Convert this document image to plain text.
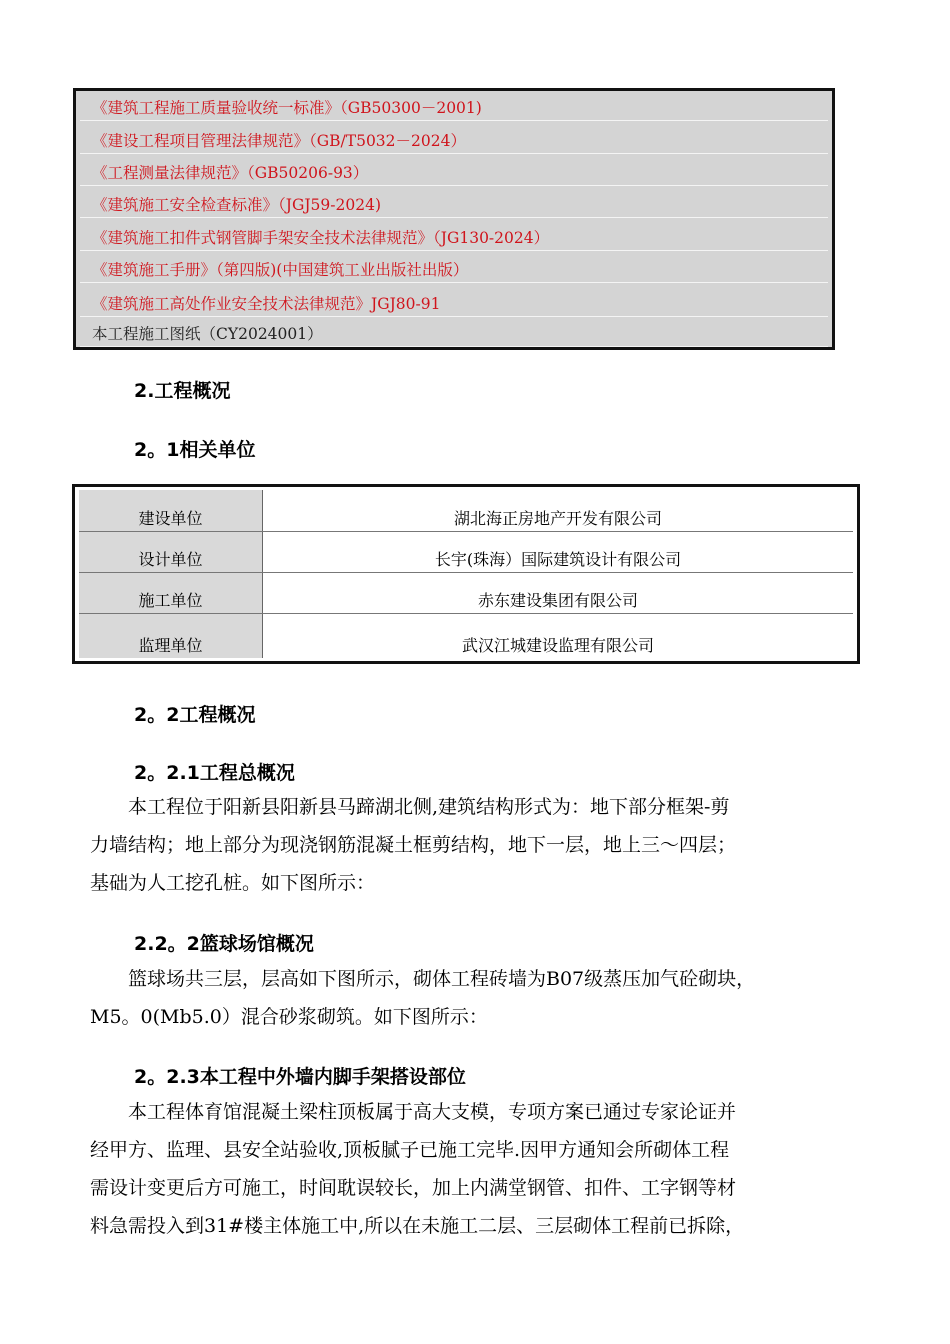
《建筑工程施工质量验收统一标准》（GB50300－2001)
《建设工程项目管理法律规范》（GB/T5032－2024）
《工程测量法律规范》（GB50206-93）
《建筑施工安全检查标准》（JGJ59-2024)
《建筑施工扣件式钢管脚手架安全技术法律规范》（JG130-2024）
《建筑施工手册》（第四版)(中国建筑工业出版社出版）
《建筑施工高处作业安全技术法律规范》JGJ80-91
本工程施工图纸（CY2024001）
2.工程概况
2。1相关单位
建设单位	湖北海正房地产开发有限公司
设计单位	长宇(珠海）国际建筑设计有限公司
施工单位	赤东建设集团有限公司
监理单位	武汉江城建设监理有限公司
2。2工程概况
2。2.1工程总概况
　　本工程位于阳新县阳新县马蹄湖北侧,建筑结构形式为：地下部分框架-剪
力墙结构；地上部分为现浇钢筋混凝土框剪结构，地下一层，地上三～四层；
基础为人工挖孔桩。如下图所示：
2.2。2篮球场馆概况
　　篮球场共三层，层高如下图所示，砌体工程砖墙为B07级蒸压加气砼砌块，
M5。0(Mb5.0）混合砂浆砌筑。如下图所示：
2。2.3本工程中外墙内脚手架搭设部位
　　本工程体育馆混凝土梁柱顶板属于高大支模，专项方案已通过专家论证并
经甲方、监理、县安全站验收,顶板腻子已施工完毕.因甲方通知会所砌体工程
需设计变更后方可施工，时间耽误较长，加上内满堂钢管、扣件、工字钢等材
料急需投入到31#楼主体施工中,所以在未施工二层、三层砌体工程前已拆除，
